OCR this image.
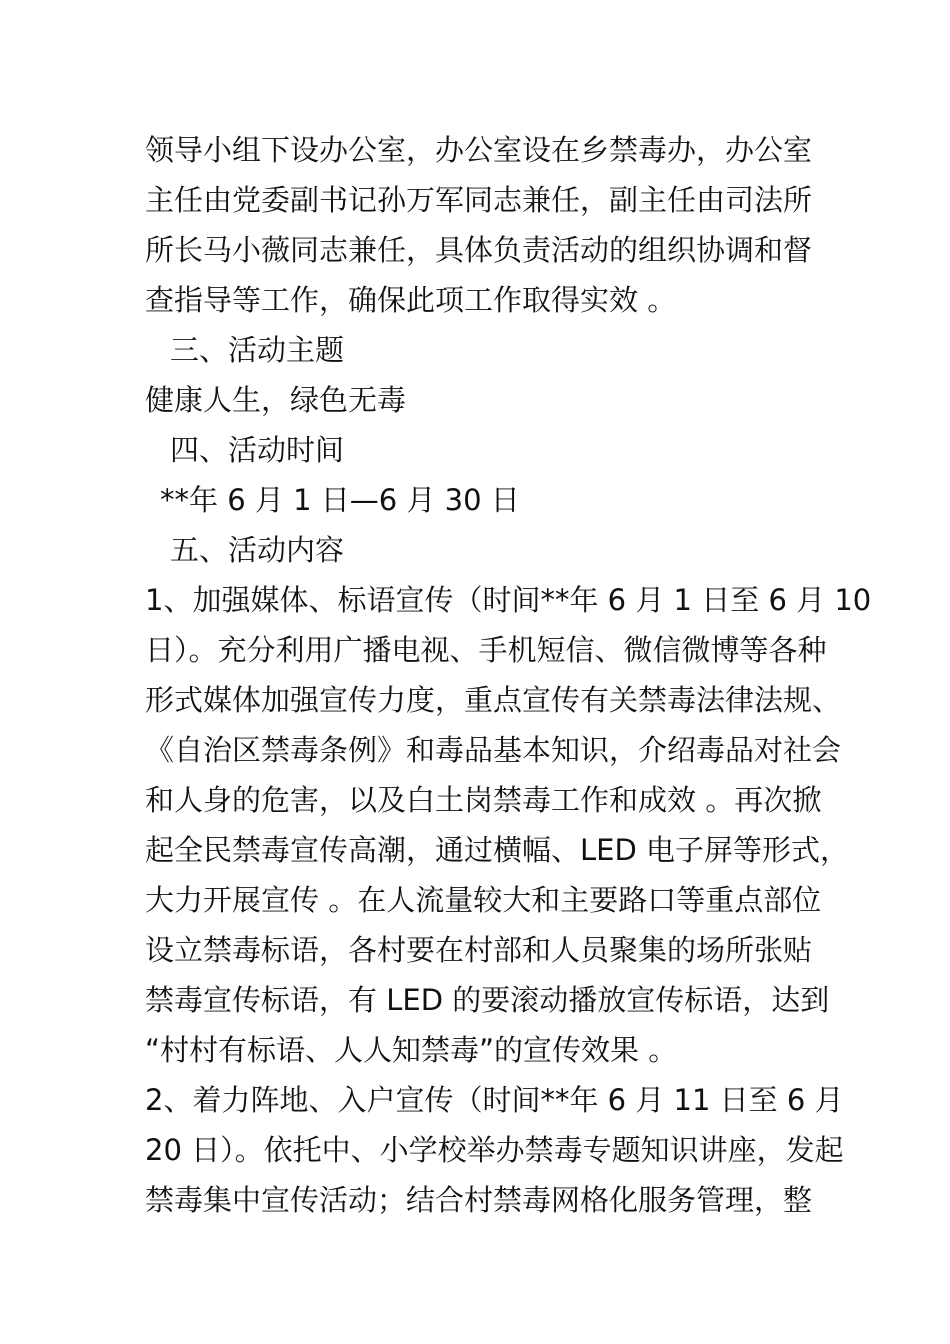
领导小组下设办公室，办公室设在乡禁毒办，办公室
主任由党委副书记孙万军同志兼任，副主任由司法所
所长马小薇同志兼任，具体负责活动的组织协调和督
查指导等工作，确保此项工作取得实效 。
三、活动主题
健康人生，绿色无毒
四、活动时间
**年 6 月 1 日—6 月 30 日
五、活动内容
1、加强媒体、标语宣传（时间**年 6 月 1 日至 6 月 10
日）。充分利用广播电视、手机短信、微信微博等各种
形式媒体加强宣传力度，重点宣传有关禁毒法律法规、
《自治区禁毒条例》和毒品基本知识，介绍毒品对社会
和人身的危害，以及白土岗禁毒工作和成效 。再次掀
起全民禁毒宣传高潮，通过横幅、LED 电子屏等形式，
大力开展宣传 。在人流量较大和主要路口等重点部位
设立禁毒标语，各村要在村部和人员聚集的场所张贴
禁毒宣传标语，有 LED 的要滚动播放宣传标语，达到
“村村有标语、人人知禁毒”的宣传效果 。
2、着力阵地、入户宣传（时间**年 6 月 11 日至 6 月
20 日）。依托中、小学校举办禁毒专题知识讲座，发起
禁毒集中宣传活动；结合村禁毒网格化服务管理，整
